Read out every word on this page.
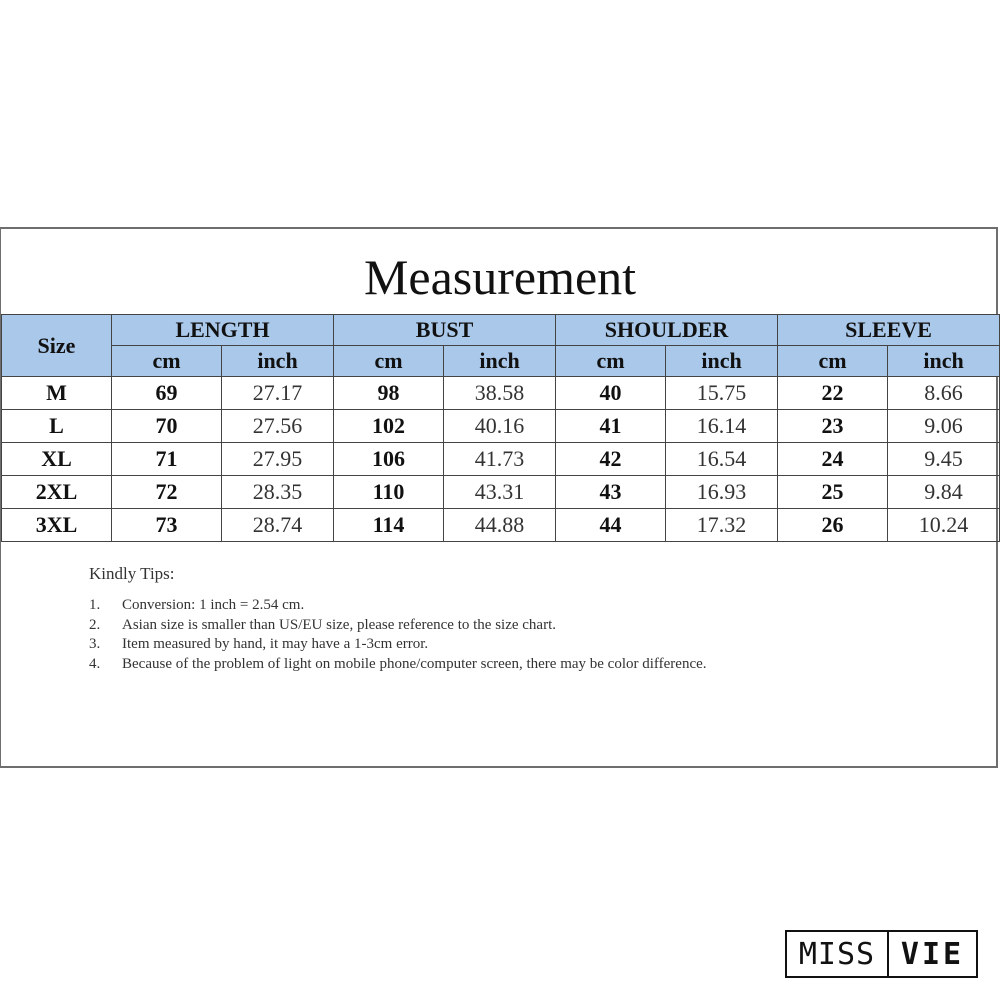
Measurement
Size	LENGTH		BUST		SHOULDER		SLEEVE	
	cm	inch	cm	inch	cm	inch	cm	inch
M	69	27.17	98	38.58	40	15.75	22	8.66
L	70	27.56	102	40.16	41	16.14	23	9.06
XL	71	27.95	106	41.73	42	16.54	24	9.45
2XL	72	28.35	110	43.31	43	16.93	25	9.84
3XL	73	28.74	114	44.88	44	17.32	26	10.24
Kindly Tips:
1.	Conversion: 1 inch = 2.54 cm.
2.	Asian size is smaller than US/EU size, please reference to the size chart.
3.	Item measured by hand, it may have a 1-3cm error.
4.	Because of the problem of light on mobile phone/computer screen, there may be color difference.
MISS VIE
